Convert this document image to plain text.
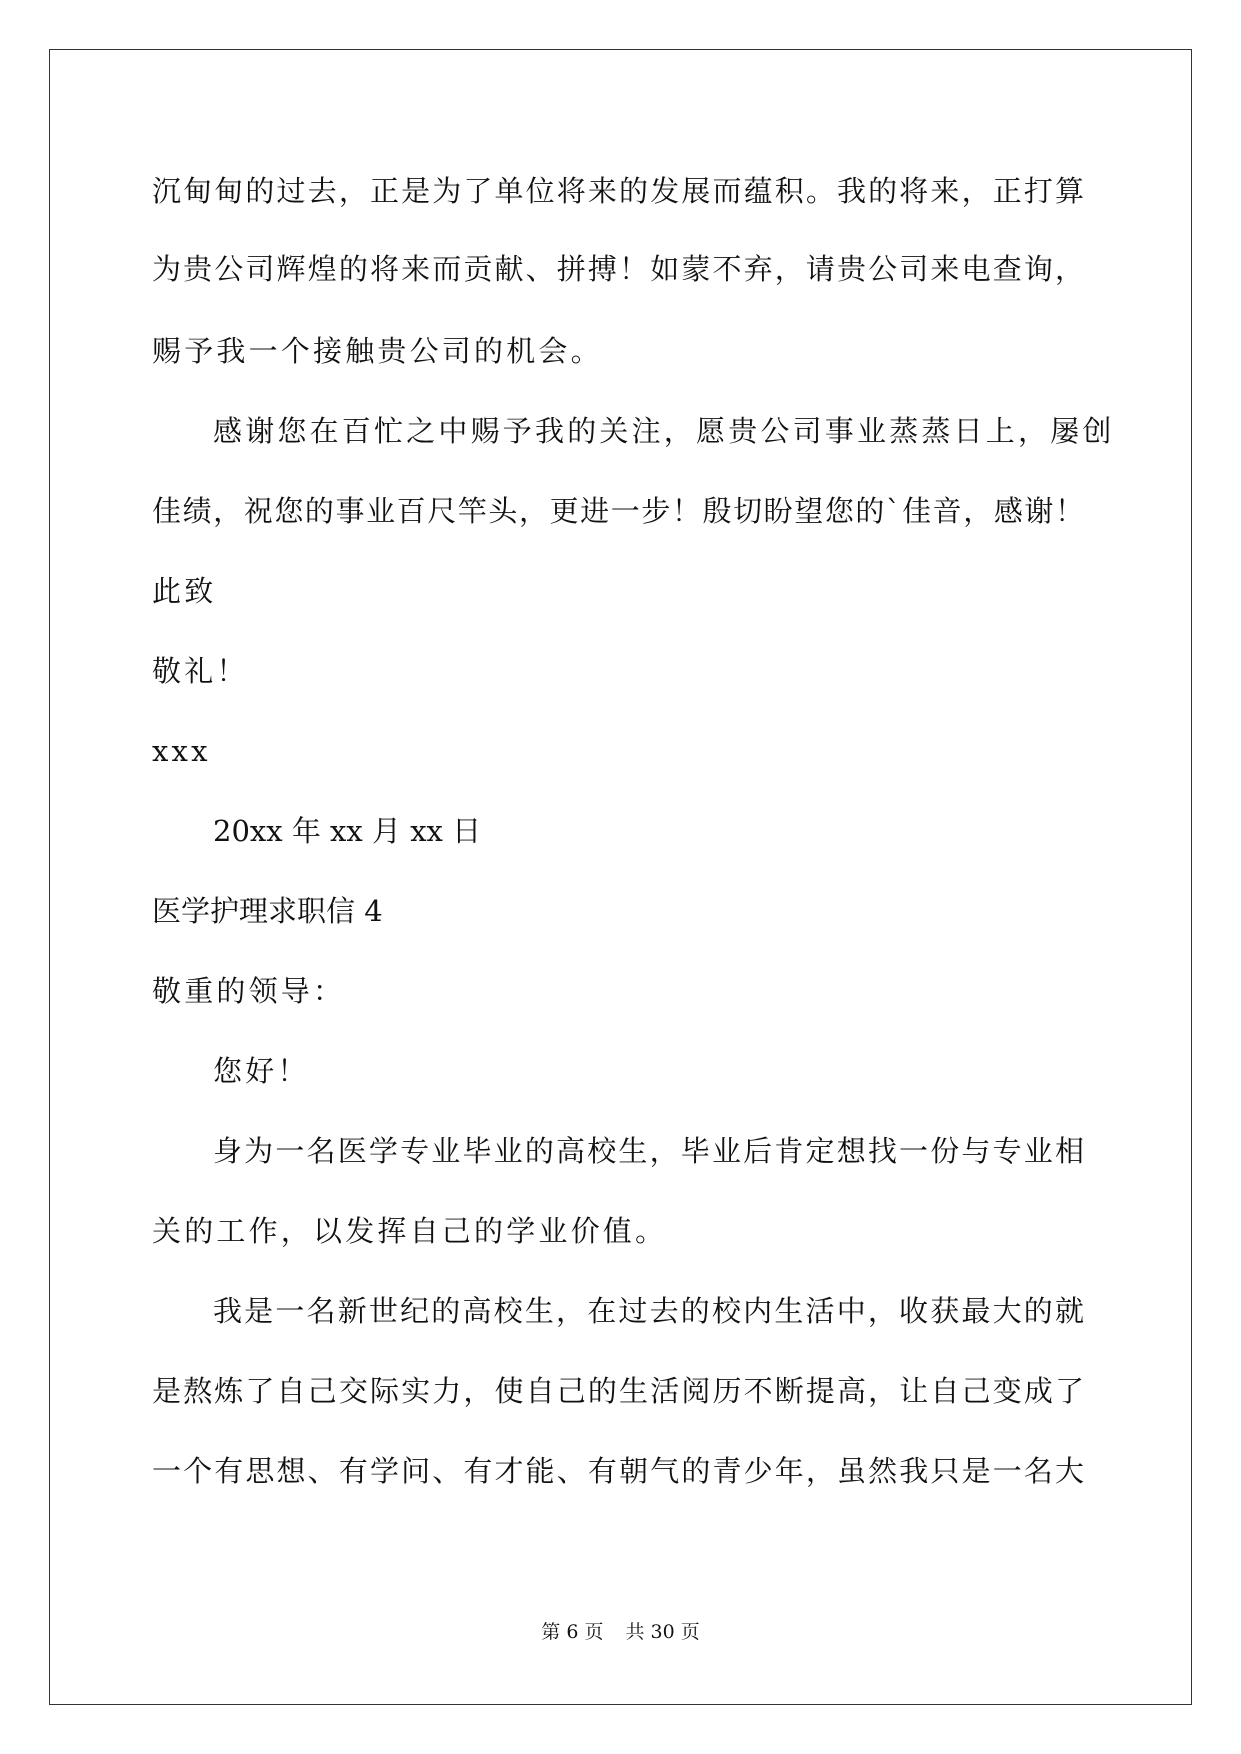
沉甸甸的过去，正是为了单位将来的发展而蕴积。我的将来，正打算
为贵公司辉煌的将来而贡献、拼搏！如蒙不弃，请贵公司来电查询，
赐予我一个接触贵公司的机会。
感谢您在百忙之中赐予我的关注，愿贵公司事业蒸蒸日上，屡创
佳绩，祝您的事业百尺竿头，更进一步！殷切盼望您的`佳音，感谢！
此致
敬礼！
xxx
20xx 年 xx 月 xx 日
医学护理求职信 4
敬重的领导：
您好！
身为一名医学专业毕业的高校生，毕业后肯定想找一份与专业相
关的工作，以发挥自己的学业价值。
我是一名新世纪的高校生，在过去的校内生活中，收获最大的就
是熬炼了自己交际实力，使自己的生活阅历不断提高，让自己变成了
一个有思想、有学问、有才能、有朝气的青少年，虽然我只是一名大
第 6 页 共 30 页
